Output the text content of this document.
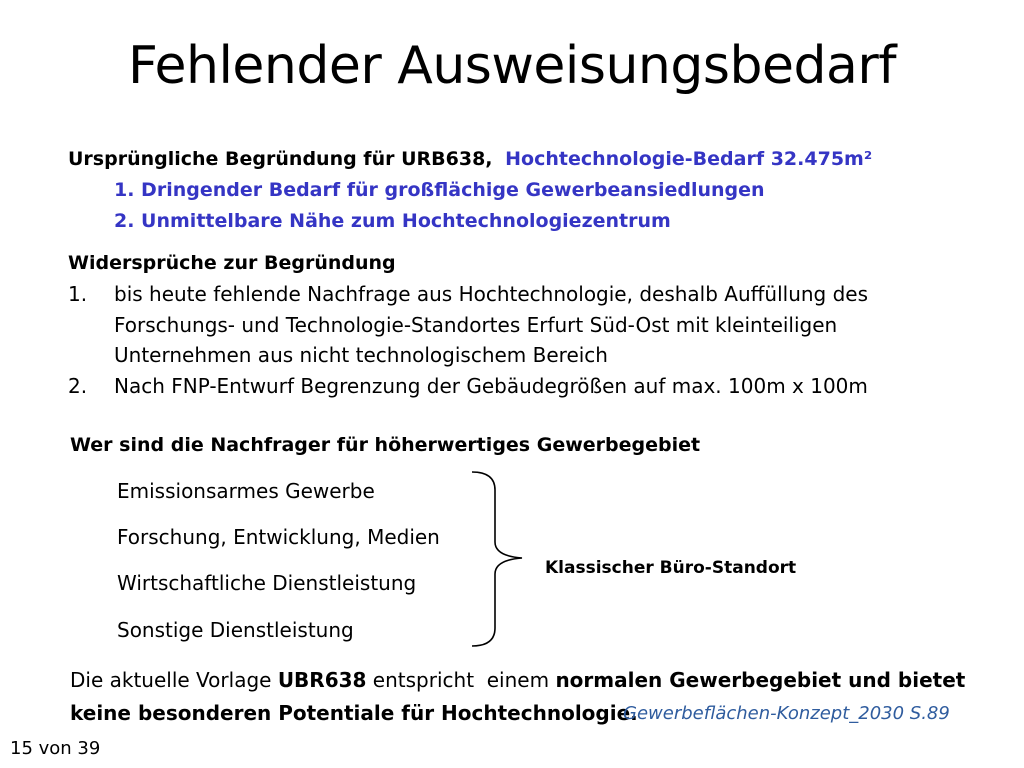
Fehlender Ausweisungsbedarf
Ursprüngliche Begründung für URB638, Hochtechnologie-Bedarf 32.475m²
1. Dringender Bedarf für großflächige Gewerbeansiedlungen
2. Unmittelbare Nähe zum Hochtechnologiezentrum
Widersprüche zur Begründung
1. bis heute fehlende Nachfrage aus Hochtechnologie, deshalb Auffüllung des
Forschungs- und Technologie-Standortes Erfurt Süd-Ost mit kleinteiligen
Unternehmen aus nicht technologischem Bereich
2. Nach FNP-Entwurf Begrenzung der Gebäudegrößen auf max. 100m x 100m
Wer sind die Nachfrager für höherwertiges Gewerbegebiet
Emissionsarmes Gewerbe
Forschung, Entwicklung, Medien
Wirtschaftliche Dienstleistung
Sonstige Dienstleistung
Klassischer Büro-Standort
Die aktuelle Vorlage UBR638 entspricht  einem normalen Gewerbegebiet und bietet
keine besonderen Potentiale für Hochtechnologie.
Gewerbeflächen-Konzept_2030 S.89
15 von 39
